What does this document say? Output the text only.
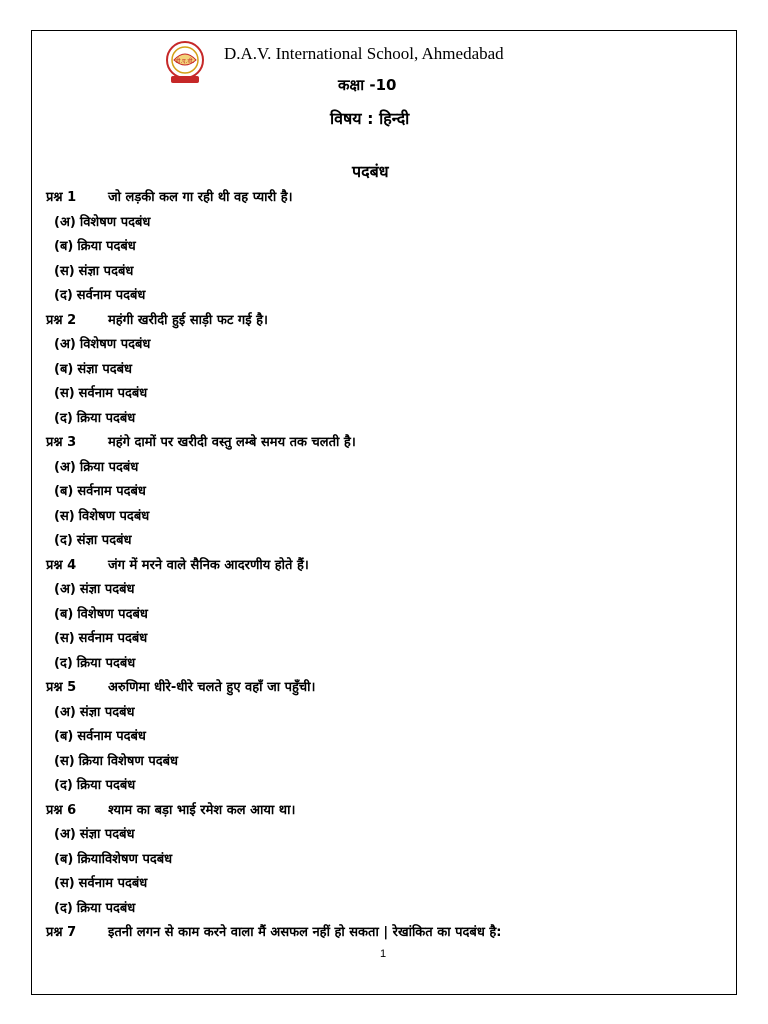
डी.ए.वी. D.A.V. International School, Ahmedabad
कक्षा -10
विषय : हिन्दी
पदबंध
प्रश्न 1 जो लड़की कल गा रही थी वह प्यारी है।
(अ) विशेषण पदबंध
(ब) क्रिया पदबंध
(स) संज्ञा पदबंध
(द) सर्वनाम पदबंध
प्रश्न 2 महंगी खरीदी हुई साड़ी फट गई है।
(अ) विशेषण पदबंध
(ब) संज्ञा पदबंध
(स) सर्वनाम पदबंध
(द) क्रिया पदबंध
प्रश्न 3 महंगे दामों पर खरीदी वस्तु लम्बे समय तक चलती है।
(अ) क्रिया पदबंध
(ब) सर्वनाम पदबंध
(स) विशेषण पदबंध
(द) संज्ञा पदबंध
प्रश्न 4 जंग में मरने वाले सैनिक आदरणीय होते हैं।
(अ) संज्ञा पदबंध
(ब) विशेषण पदबंध
(स) सर्वनाम पदबंध
(द) क्रिया पदबंध
प्रश्न 5 अरुणिमा धीरे-धीरे चलते हुए वहाँ जा पहुँची।
(अ) संज्ञा पदबंध
(ब) सर्वनाम पदबंध
(स) क्रिया विशेषण पदबंध
(द) क्रिया पदबंध
प्रश्न 6 श्याम का बड़ा भाई रमेश कल आया था।
(अ) संज्ञा पदबंध
(ब) क्रियाविशेषण पदबंध
(स) सर्वनाम पदबंध
(द) क्रिया पदबंध
प्रश्न 7 इतनी लगन से काम करने वाला मैं असफल नहीं हो सकता | रेखांकित का पदबंध है:
1
